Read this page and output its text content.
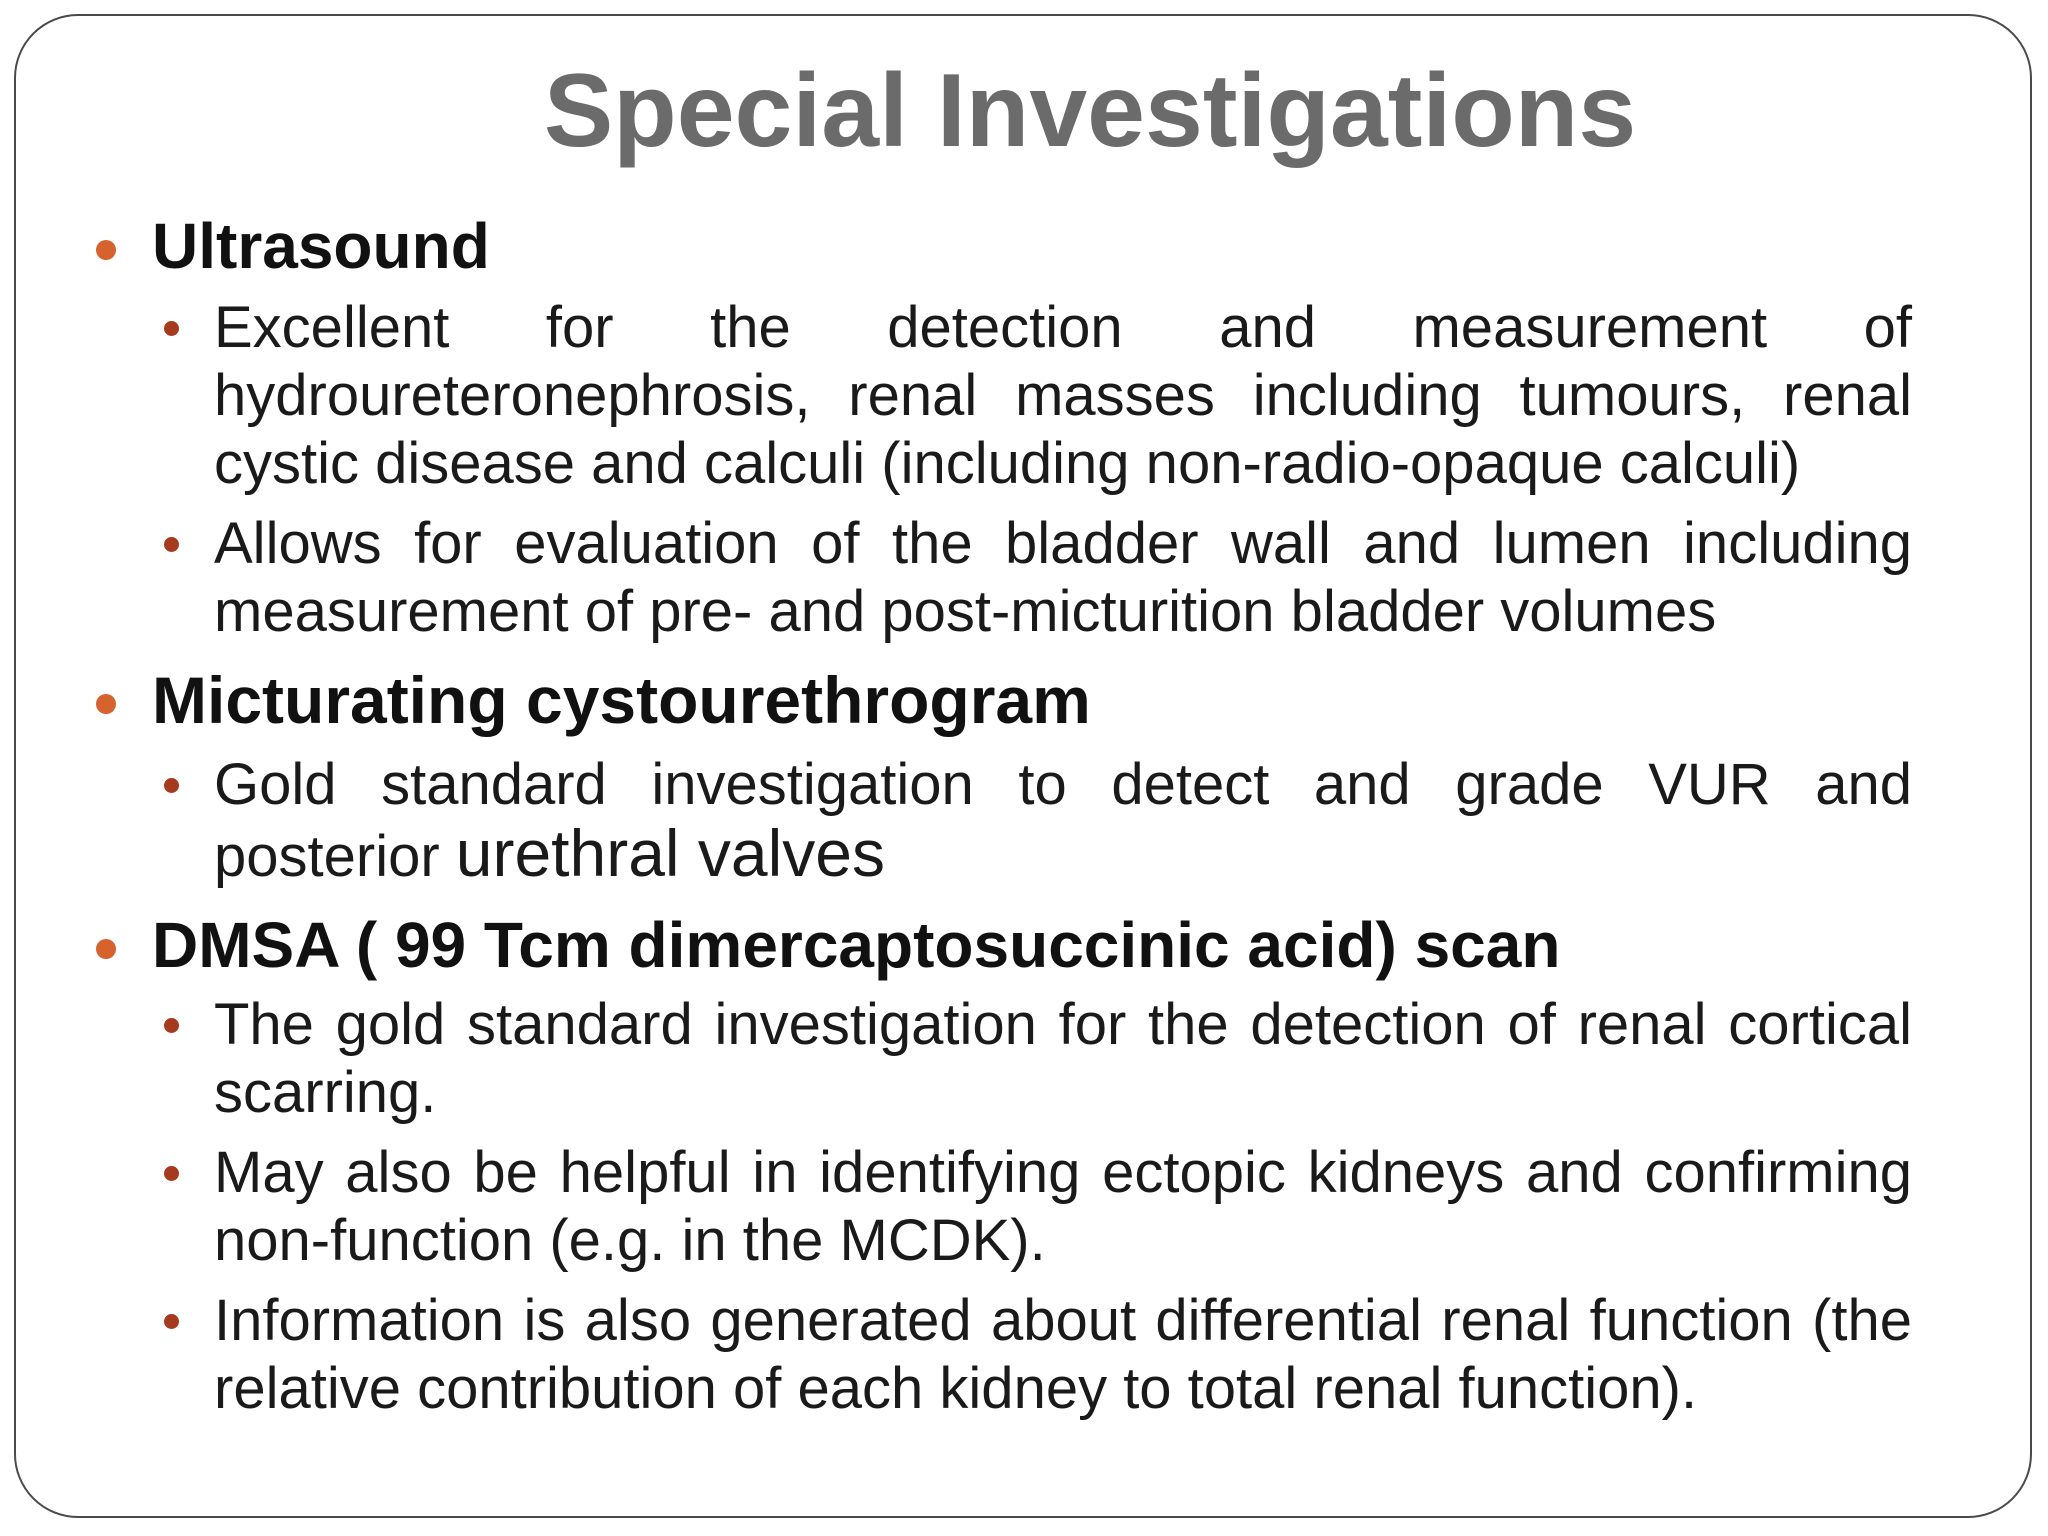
Special Investigations
Ultrasound
Excellent for the detection and measurement of hydroureteronephrosis, renal masses including tumours, renal cystic disease and calculi (including non-radio-opaque calculi)
Allows for evaluation of the bladder wall and lumen including measurement of pre- and post-micturition bladder volumes
Micturating cystourethrogram
Gold standard investigation to detect and grade VUR and posterior urethral valves
DMSA ( 99 Tcm dimercaptosuccinic acid) scan
The gold standard investigation for the detection of renal cortical scarring.
May also be helpful in identifying ectopic kidneys and confirming non-function (e.g. in the MCDK).
Information is also generated about differential renal function (the relative contribution of each kidney to total renal function).
